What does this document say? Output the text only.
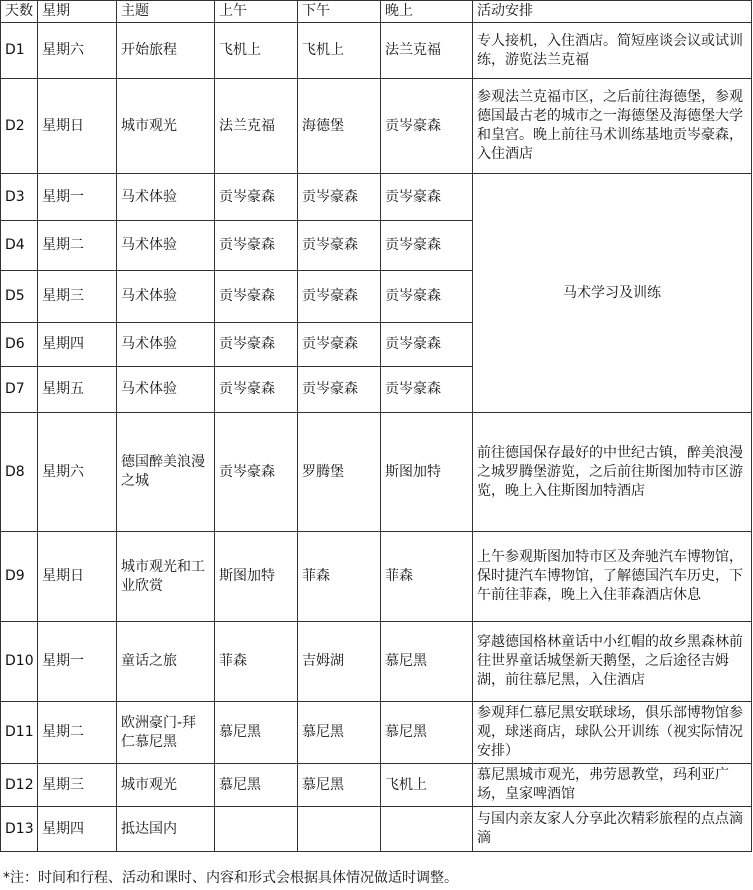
天数	星期	主题	上午	下午	晚上	活动安排
D1	星期六	开始旅程	飞机上	飞机上	法兰克福	专人接机，入住酒店。简短座谈会议或试训练，游览法兰克福
D2	星期日	城市观光	法兰克福	海德堡	贡岑豪森	参观法兰克福市区，之后前往海德堡，参观德国最古老的城市之一海德堡及海德堡大学和皇宫。晚上前往马术训练基地贡岑豪森，入住酒店
D3	星期一	马术体验	贡岑豪森	贡岑豪森	贡岑豪森	马术学习及训练
D4	星期二	马术体验	贡岑豪森	贡岑豪森	贡岑豪森	
D5	星期三	马术体验	贡岑豪森	贡岑豪森	贡岑豪森	
D6	星期四	马术体验	贡岑豪森	贡岑豪森	贡岑豪森	
D7	星期五	马术体验	贡岑豪森	贡岑豪森	贡岑豪森	
D8	星期六	德国醉美浪漫之城	贡岑豪森	罗腾堡	斯图加特	前往德国保存最好的中世纪古镇，醉美浪漫之城罗腾堡游览，之后前往斯图加特市区游览，晚上入住斯图加特酒店
D9	星期日	城市观光和工业欣赏	斯图加特	菲森	菲森	上午参观斯图加特市区及奔驰汽车博物馆，保时捷汽车博物馆，了解德国汽车历史，下午前往菲森，晚上入住菲森酒店休息
D10	星期一	童话之旅	菲森	吉姆湖	慕尼黑	穿越德国格林童话中小红帽的故乡黑森林前往世界童话城堡新天鹅堡，之后途径吉姆湖，前往慕尼黑，入住酒店
D11	星期二	欧洲豪门-拜仁慕尼黑	慕尼黑	慕尼黑	慕尼黑	参观拜仁慕尼黑安联球场，俱乐部博物馆参观，球迷商店，球队公开训练（视实际情况安排）
D12	星期三	城市观光	慕尼黑	慕尼黑	飞机上	慕尼黑城市观光，弗劳恩教堂，玛利亚广场，皇家啤酒馆
D13	星期四	抵达国内				与国内亲友家人分享此次精彩旅程的点点滴滴
*注：时间和行程、活动和课时、内容和形式会根据具体情况做适时调整。
